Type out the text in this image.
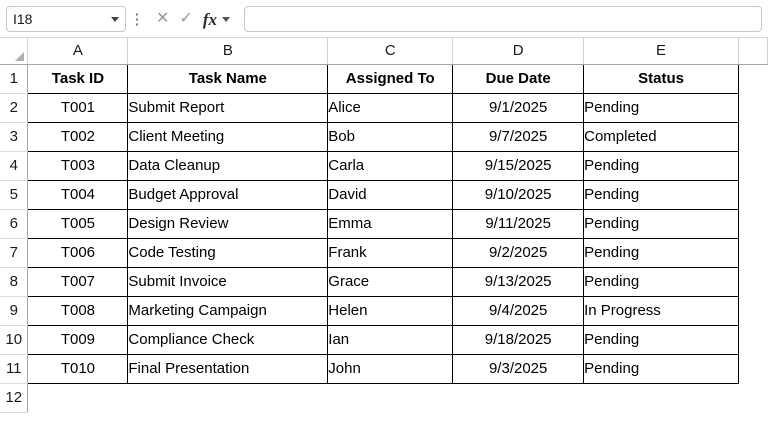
I18	⋮ ✕ ✓ fx
	A	B	C	D	E	
1	Task ID	Task Name	Assigned To	Due Date	Status	
2	T001	Submit Report	Alice	9/1/2025	Pending	
3	T002	Client Meeting	Bob	9/7/2025	Completed	
4	T003	Data Cleanup	Carla	9/15/2025	Pending	
5	T004	Budget Approval	David	9/10/2025	Pending	
6	T005	Design Review	Emma	9/11/2025	Pending	
7	T006	Code Testing	Frank	9/2/2025	Pending	
8	T007	Submit Invoice	Grace	9/13/2025	Pending	
9	T008	Marketing Campaign	Helen	9/4/2025	In Progress	
10	T009	Compliance Check	Ian	9/18/2025	Pending	
11	T010	Final Presentation	John	9/3/2025	Pending	
12						
